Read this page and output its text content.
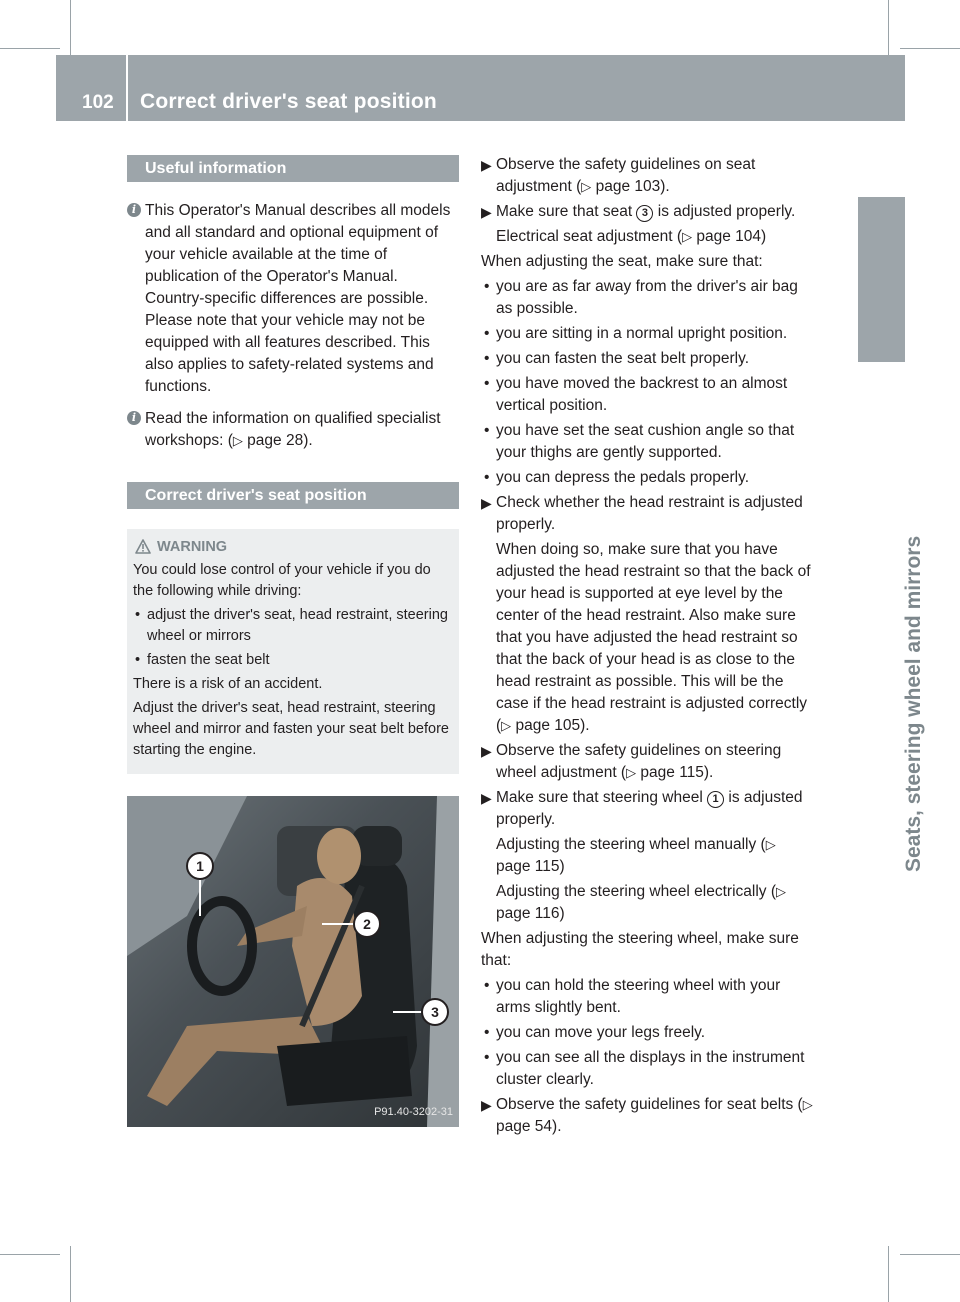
102 Correct driver's seat position
Seats, steering wheel and mirrors
Useful information
i This Operator's Manual describes all models and all standard and optional equipment of your vehicle available at the time of publication of the Operator's Manual. Country-specific differences are possible. Please note that your vehicle may not be equipped with all features described. This also applies to safety-related systems and functions.
i Read the information on qualified specialist workshops: (▷ page 28).
Correct driver's seat position
WARNING

You could lose control of your vehicle if you do the following while driving:

• adjust the driver's seat, head restraint, steering wheel or mirrors
• fasten the seat belt

There is a risk of an accident.

Adjust the driver's seat, head restraint, steering wheel and mirror and fasten your seat belt before starting the engine.

1
2
3
P91.40-3202-31
▶ Observe the safety guidelines on seat adjustment (▷ page 103).
▶ Make sure that seat 3 is adjusted properly.
Electrical seat adjustment (▷ page 104)
When adjusting the seat, make sure that:
• you are as far away from the driver's air bag as possible.
• you are sitting in a normal upright position.
• you can fasten the seat belt properly.
• you have moved the backrest to an almost vertical position.
• you have set the seat cushion angle so that your thighs are gently supported.
• you can depress the pedals properly.
▶ Check whether the head restraint is adjusted properly.
When doing so, make sure that you have adjusted the head restraint so that the back of your head is supported at eye level by the center of the head restraint. Also make sure that you have adjusted the head restraint so that the back of your head is as close to the head restraint as possible. This will be the case if the head restraint is adjusted correctly (▷ page 105).
▶ Observe the safety guidelines on steering wheel adjustment (▷ page 115).
▶ Make sure that steering wheel 1 is adjusted properly.
Adjusting the steering wheel manually (▷ page 115)
Adjusting the steering wheel electrically (▷ page 116)
When adjusting the steering wheel, make sure that:
• you can hold the steering wheel with your arms slightly bent.
• you can move your legs freely.
• you can see all the displays in the instrument cluster clearly.
▶ Observe the safety guidelines for seat belts (▷ page 54).
